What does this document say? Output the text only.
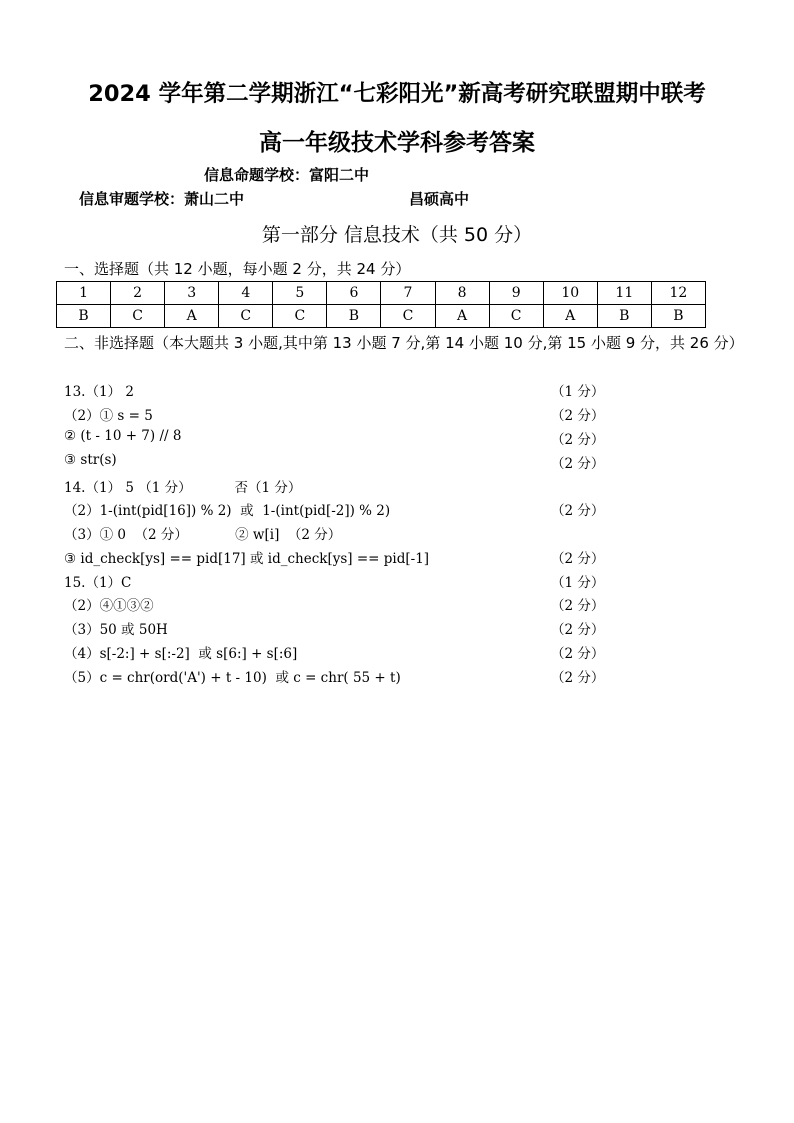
2024 学年第二学期浙江“七彩阳光”新高考研究联盟期中联考
高一年级技术学科参考答案
信息命题学校：富阳二中
信息审题学校：萧山二中	昌硕高中
第一部分 信息技术（共 50 分）
一、选择题（共 12 小题，每小题 2 分，共 24 分）
1	2	3	4	5	6	7	8	9	10	11	12
B	C	A	C	C	B	C	A	C	A	B	B
二、非选择题（本大题共 3 小题,其中第 13 小题 7 分,第 14 小题 10 分,第 15 小题 9 分，共 26 分）
13.（1） 2	（1 分）
（2）① s = 5	（2 分）
② (t - 10 + 7) // 8	（2 分）
③ str(s)	（2 分）
14.（1） 5 （1 分）          否（1 分）
（2）1-(int(pid[16]) % 2)  或  1-(int(pid[-2]) % 2)	（2 分）
（3）① 0  （2 分）           ② w[i]  （2 分）
③ id_check[ys] == pid[17] 或 id_check[ys] == pid[-1]	（2 分）
15.（1）C	（1 分）
（2）④①③②	（2 分）
（3）50 或 50H	（2 分）
（4）s[-2:] + s[:-2]  或 s[6:] + s[:6]	（2 分）
（5）c = chr(ord('A') + t - 10)  或 c = chr( 55 + t)	（2 分）
